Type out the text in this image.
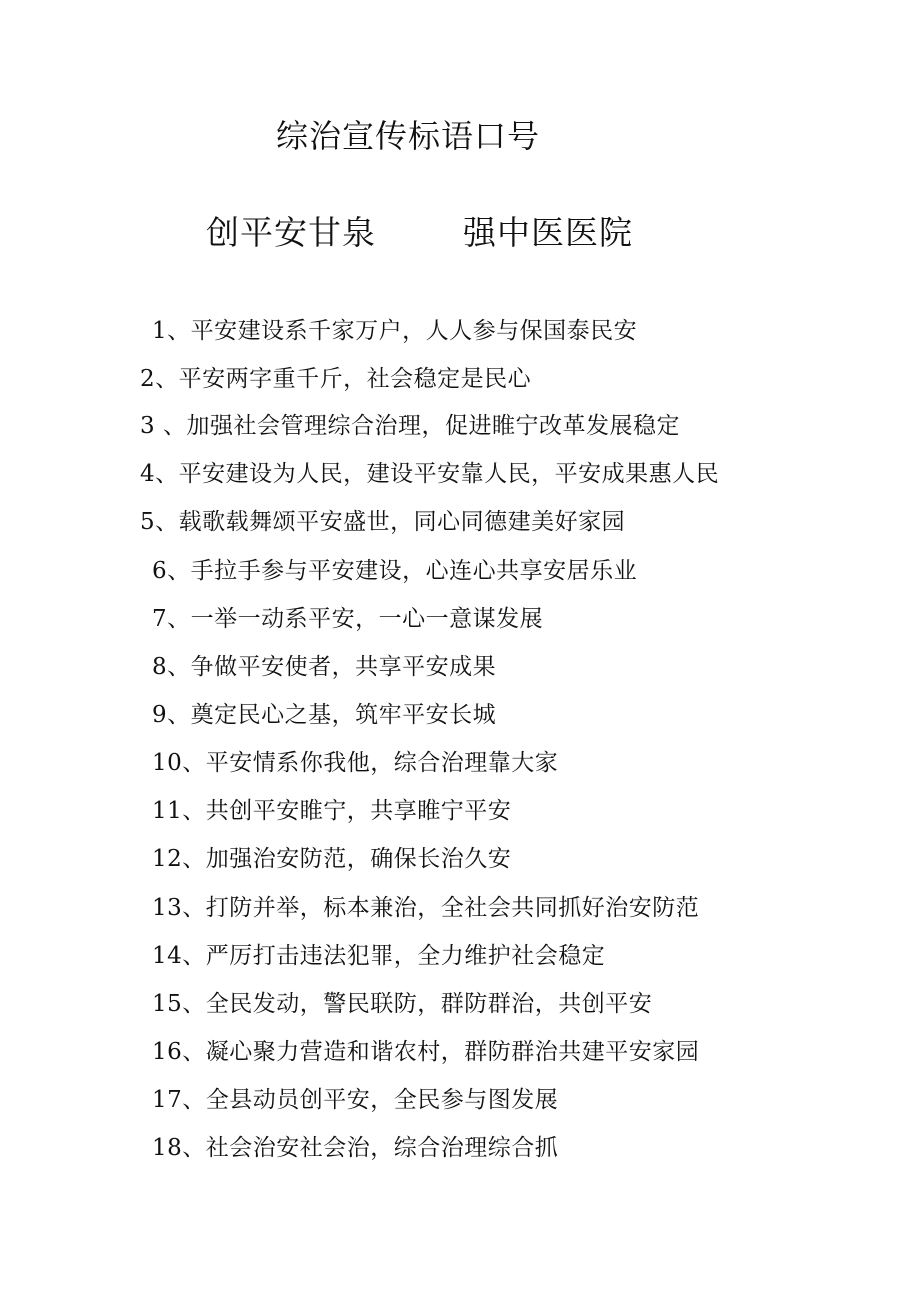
综治宣传标语口号
创平安甘泉	强中医医院
1、平安建设系千家万户，人人参与保国泰民安
2、平安两字重千斤，社会稳定是民心
3 、加强社会管理综合治理，促进睢宁改革发展稳定
4、平安建设为人民，建设平安靠人民，平安成果惠人民
5、载歌载舞颂平安盛世，同心同德建美好家园
6、手拉手参与平安建设，心连心共享安居乐业
7、一举一动系平安，一心一意谋发展
8、争做平安使者，共享平安成果
9、奠定民心之基，筑牢平安长城
10、平安情系你我他，综合治理靠大家
11、共创平安睢宁，共享睢宁平安
12、加强治安防范，确保长治久安
13、打防并举，标本兼治，全社会共同抓好治安防范
14、严厉打击违法犯罪，全力维护社会稳定
15、全民发动，警民联防，群防群治，共创平安
16、凝心聚力营造和谐农村，群防群治共建平安家园
17、全县动员创平安，全民参与图发展
18、社会治安社会治，综合治理综合抓
